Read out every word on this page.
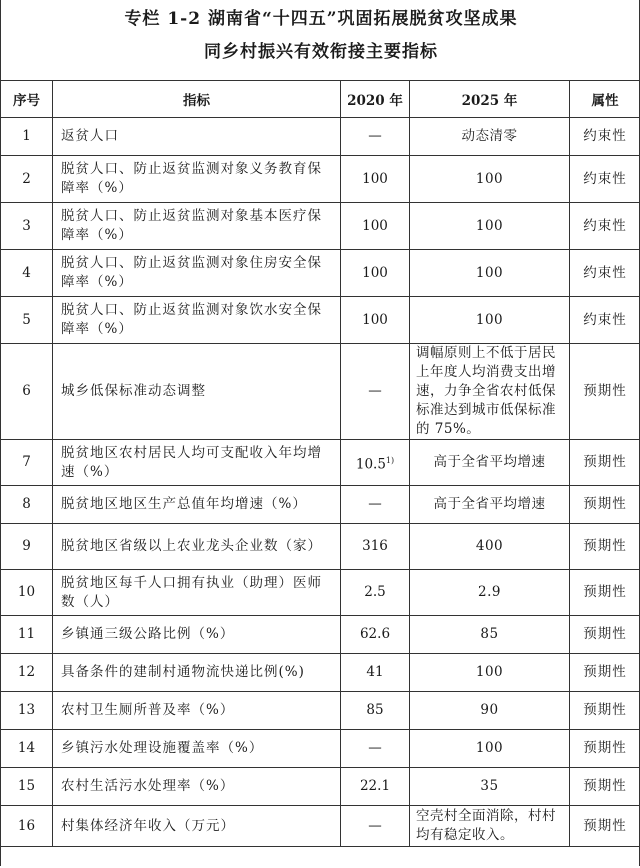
专栏 1-2 湖南省“十四五”巩固拓展脱贫攻坚成果
同乡村振兴有效衔接主要指标
序号	指标	2020 年	2025 年	属性
1	返贫人口	—	动态清零	约束性
2	脱贫人口、防止返贫监测对象义务教育保障率（%）	100	100	约束性
3	脱贫人口、防止返贫监测对象基本医疗保障率（%）	100	100	约束性
4	脱贫人口、防止返贫监测对象住房安全保障率（%）	100	100	约束性
5	脱贫人口、防止返贫监测对象饮水安全保障率（%）	100	100	约束性
6	城乡低保标准动态调整	—	调幅原则上不低于居民上年度人均消费支出增速，力争全省农村低保标准达到城市低保标准的 75%。	预期性
7	脱贫地区农村居民人均可支配收入年均增速（%）	10.5$^{1)}$	高于全省平均增速	预期性
8	脱贫地区地区生产总值年均增速（%）	—	高于全省平均增速	预期性
9	脱贫地区省级以上农业龙头企业数（家）	316	400	预期性
10	脱贫地区每千人口拥有执业（助理）医师数（人）	2.5	2.9	预期性
11	乡镇通三级公路比例（%）	62.6	85	预期性
12	具备条件的建制村通物流快递比例(%)	41	100	预期性
13	农村卫生厕所普及率（%）	85	90	预期性
14	乡镇污水处理设施覆盖率（%）	—	100	预期性
15	农村生活污水处理率（%）	22.1	35	预期性
16	村集体经济年收入（万元）	—	空壳村全面消除，村村均有稳定收入。	预期性
